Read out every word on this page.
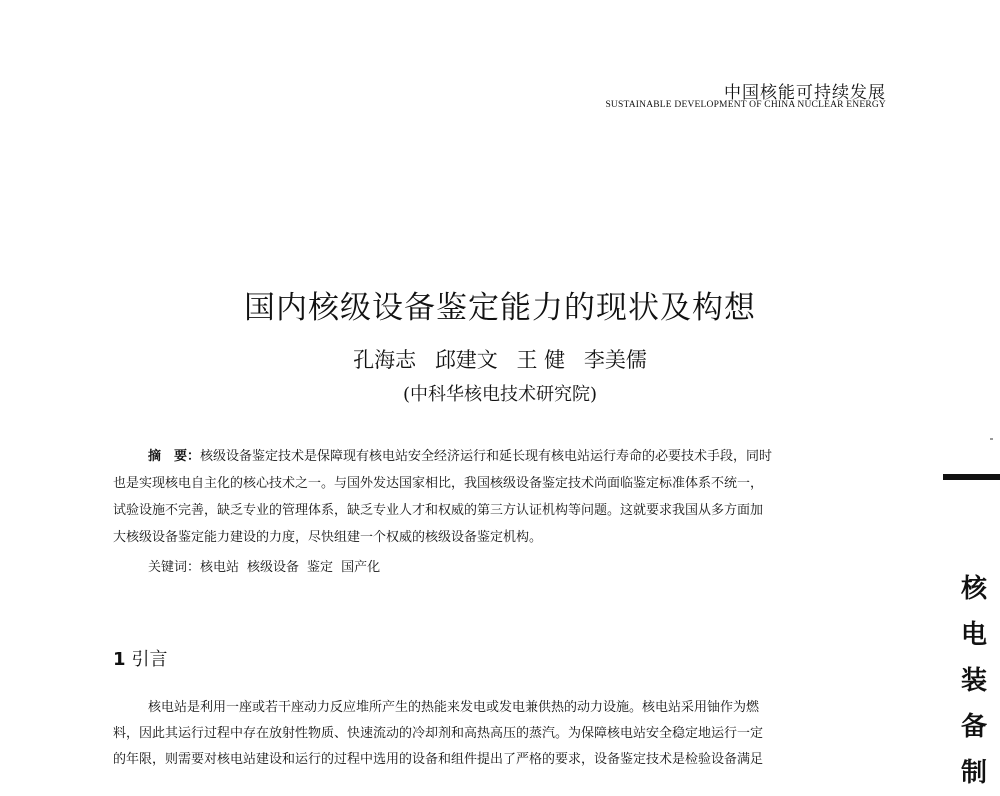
中国核能可持续发展
SUSTAINABLE DEVELOPMENT OF CHINA NUCLEAR ENERGY
国内核级设备鉴定能力的现状及构想
孔海志 邱建文 王 健 李美儒
(中科华核电技术研究院)
摘　要：核级设备鉴定技术是保障现有核电站安全经济运行和延长现有核电站运行寿命的必要技术手段，同时
也是实现核电自主化的核心技术之一。与国外发达国家相比，我国核级设备鉴定技术尚面临鉴定标准体系不统一，
试验设施不完善，缺乏专业的管理体系，缺乏专业人才和权威的第三方认证机构等问题。这就要求我国从多方面加
大核级设备鉴定能力建设的力度，尽快组建一个权威的核级设备鉴定机构。
关键词：核电站 核级设备 鉴定 国产化
1 引言
核电站是利用一座或若干座动力反应堆所产生的热能来发电或发电兼供热的动力设施。核电站采用铀作为燃
料，因此其运行过程中存在放射性物质、快速流动的冷却剂和高热高压的蒸汽。为保障核电站安全稳定地运行一定
的年限，则需要对核电站建设和运行的过程中选用的设备和组件提出了严格的要求，设备鉴定技术是检验设备满足
核
电
装
备
制
